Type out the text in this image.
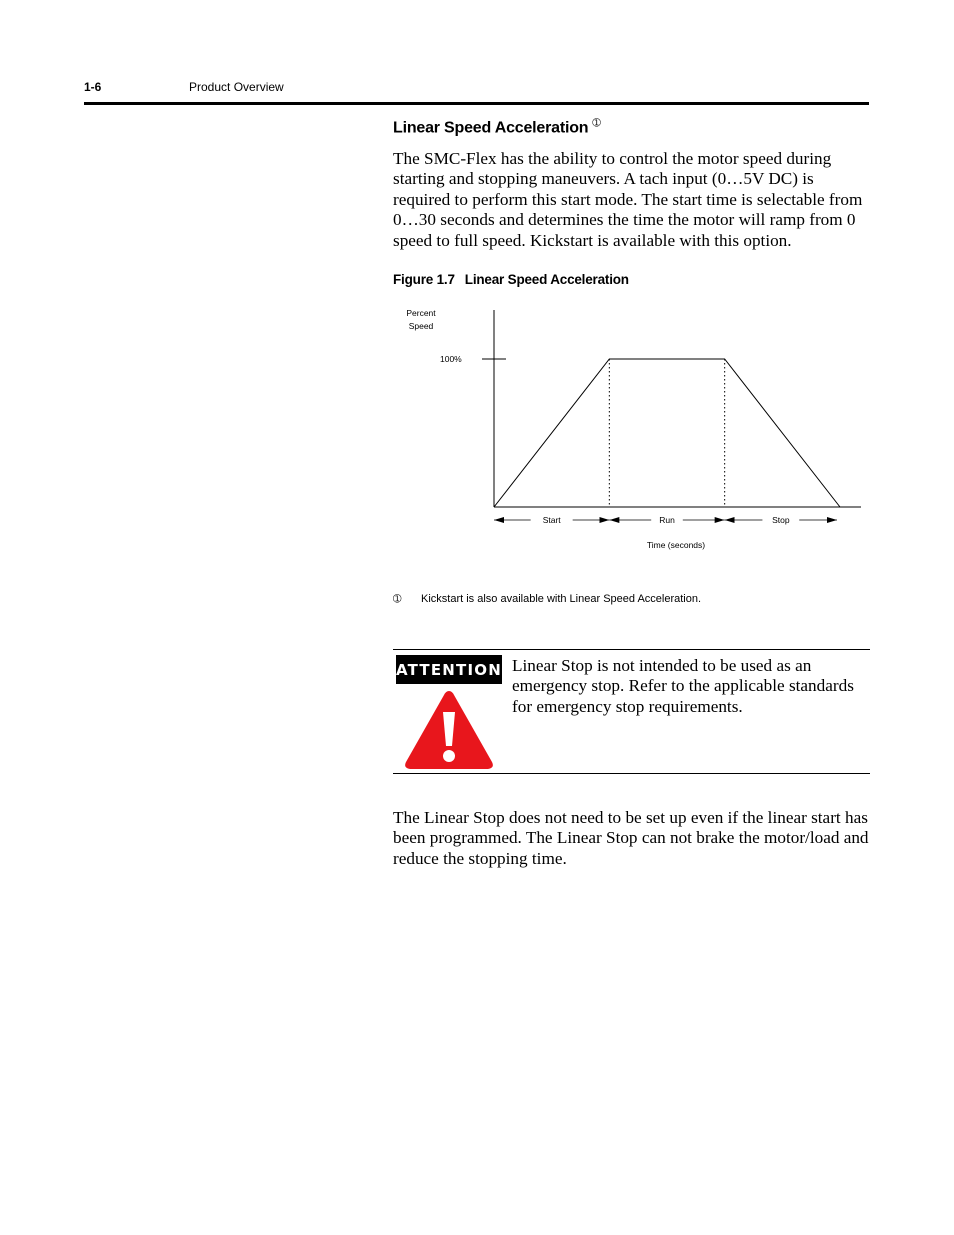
1-6	Product Overview
Linear Speed Acceleration $^➀$
The SMC-Flex has the ability to control the motor speed during starting and stopping maneuvers. A tach input (0…5V DC) is required to perform this start mode. The start time is selectable from 0…30 seconds and determines the time the motor will ramp from 0 speed to full speed. Kickstart is available with this option.
Figure 1.7 Linear Speed Acceleration
Percent
Speed
100%
Start	Run	Stop
Time (seconds)
➀ Kickstart is also available with Linear Speed Acceleration.
ATTENTION Linear Stop is not intended to be used as an emergency stop. Refer to the applicable standards for emergency stop requirements.
The Linear Stop does not need to be set up even if the linear start has been programmed. The Linear Stop can not brake the motor/load and reduce the stopping time.
